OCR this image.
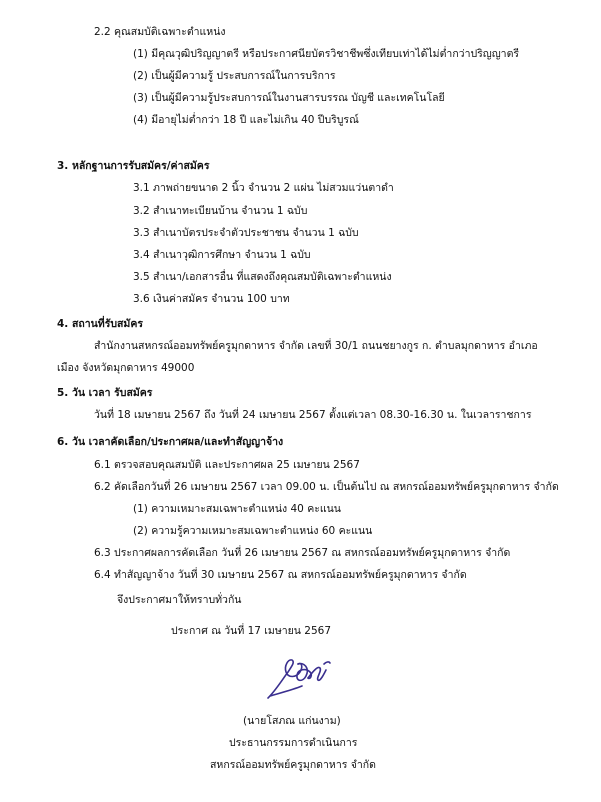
2.2 คุณสมบัติเฉพาะตำแหน่ง
(1) มีคุณวุฒิปริญญาตรี หรือประกาศนียบัตรวิชาชีพซึ่งเทียบเท่าได้ไม่ต่ำกว่าปริญญาตรี
(2) เป็นผู้มีความรู้ ประสบการณ์ในการบริการ
(3) เป็นผู้มีความรู้ประสบการณ์ในงานสารบรรณ บัญชี และเทคโนโลยี
(4) มีอายุไม่ต่ำกว่า 18 ปี และไม่เกิน 40 ปีบริบูรณ์
3. หลักฐานการรับสมัคร/ค่าสมัคร
3.1 ภาพถ่ายขนาด 2 นิ้ว จำนวน 2 แผ่น ไม่สวมแว่นตาดำ
3.2 สำเนาทะเบียนบ้าน จำนวน 1 ฉบับ
3.3 สำเนาบัตรประจำตัวประชาชน จำนวน 1 ฉบับ
3.4 สำเนาวุฒิการศึกษา จำนวน 1 ฉบับ
3.5 สำเนา/เอกสารอื่น ที่แสดงถึงคุณสมบัติเฉพาะตำแหน่ง
3.6 เงินค่าสมัคร จำนวน 100 บาท
4. สถานที่รับสมัคร
สำนักงานสหกรณ์ออมทรัพย์ครูมุกดาหาร จำกัด เลขที่ 30/1 ถนนชยางกูร ก. ตำบลมุกดาหาร อำเภอ
เมือง จังหวัดมุกดาหาร 49000
5. วัน เวลา รับสมัคร
วันที่ 18 เมษายน 2567 ถึง วันที่ 24 เมษายน 2567 ตั้งแต่เวลา 08.30-16.30 น. ในเวลาราชการ
6. วัน เวลาคัดเลือก/ประกาศผล/และทำสัญญาจ้าง
6.1 ตรวจสอบคุณสมบัติ และประกาศผล 25 เมษายน 2567
6.2 คัดเลือกวันที่ 26 เมษายน 2567 เวลา 09.00 น. เป็นต้นไป ณ สหกรณ์ออมทรัพย์ครูมุกดาหาร จำกัด
(1) ความเหมาะสมเฉพาะตำแหน่ง 40 คะแนน
(2) ความรู้ความเหมาะสมเฉพาะตำแหน่ง 60 คะแนน
6.3 ประกาศผลการคัดเลือก วันที่ 26 เมษายน 2567 ณ สหกรณ์ออมทรัพย์ครูมุกดาหาร จำกัด
6.4 ทำสัญญาจ้าง วันที่ 30 เมษายน 2567 ณ สหกรณ์ออมทรัพย์ครูมุกดาหาร จำกัด
จึงประกาศมาให้ทราบทั่วกัน
ประกาศ ณ วันที่ 17 เมษายน 2567
(นายโสภณ แก่นงาม)
ประธานกรรมการดำเนินการ
สหกรณ์ออมทรัพย์ครูมุกดาหาร จำกัด
